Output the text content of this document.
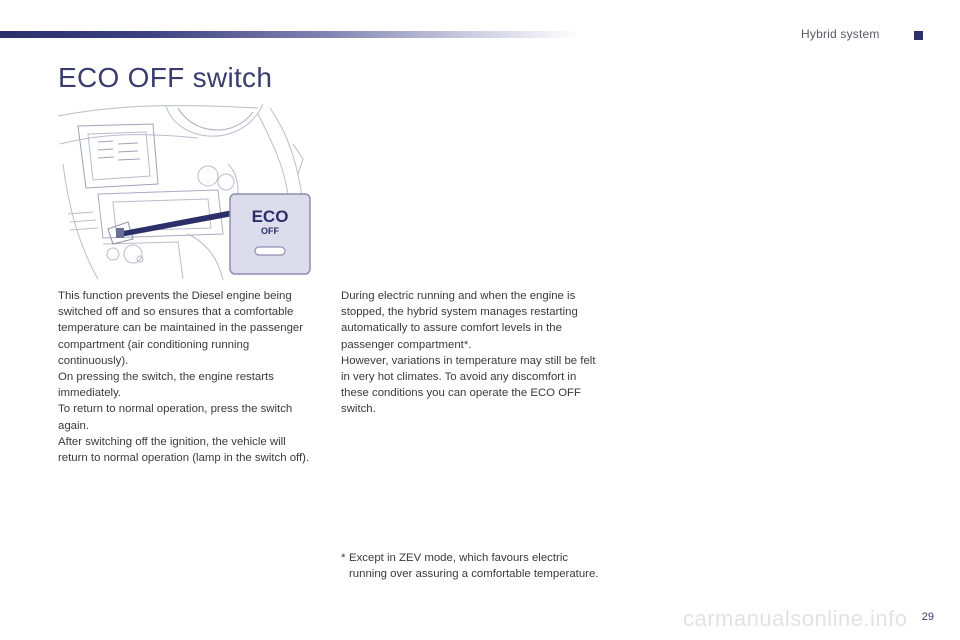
Hybrid system
ECO OFF switch
ECO
OFF

This function prevents the Diesel engine being switched off and so ensures that a comfortable temperature can be maintained in the passenger compartment (air conditioning running continuously).

On pressing the switch, the engine restarts immediately.

To return to normal operation, press the switch again.

After switching off the ignition, the vehicle will return to normal operation (lamp in the switch off).

During electric running and when the engine is stopped, the hybrid system manages restarting automatically to assure comfort levels in the passenger compartment*.

However, variations in temperature may still be felt in very hot climates. To avoid any discomfort in these conditions you can operate the ECO OFF switch.

* Except in ZEV mode, which favours electric running over assuring a comfortable temperature.
carmanualsonline.info 29
